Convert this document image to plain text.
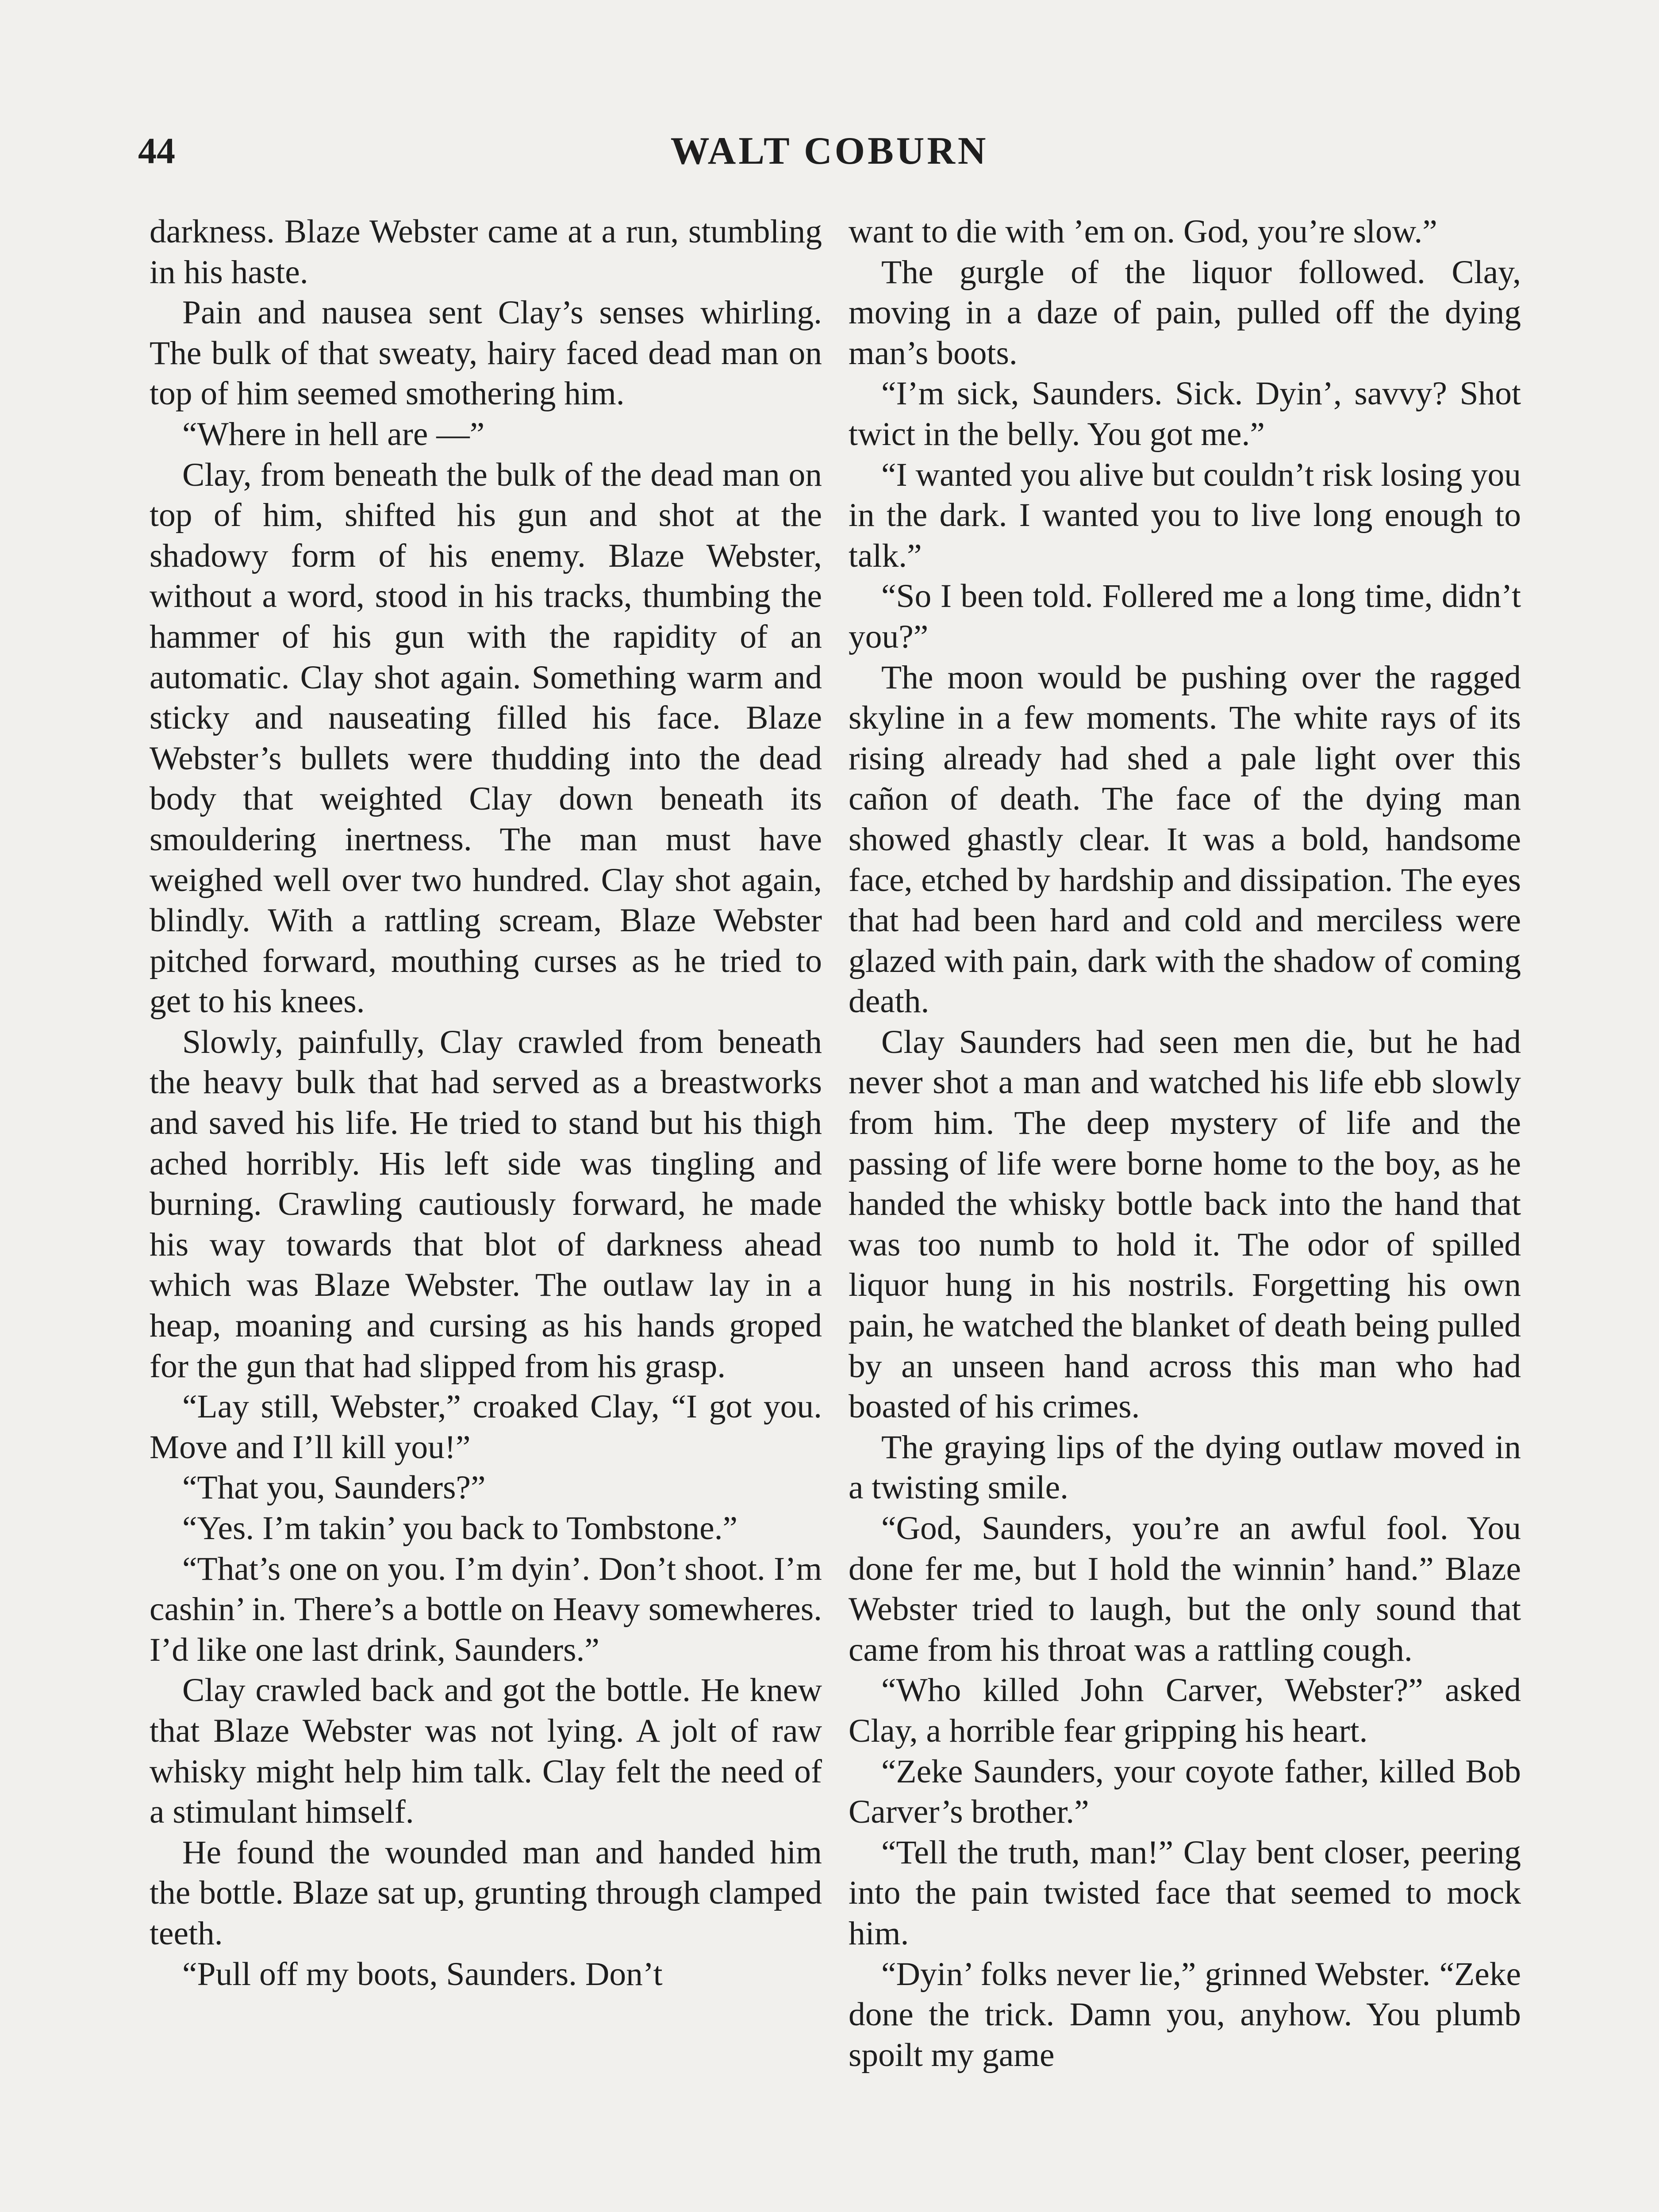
44	WALT COBURN

darkness. Blaze Webster came at a run, stumbling in his haste.

Pain and nausea sent Clay’s senses whirling. The bulk of that sweaty, hairy faced dead man on top of him seemed smothering him.

“Where in hell are —”

Clay, from beneath the bulk of the dead man on top of him, shifted his gun and shot at the shadowy form of his enemy. Blaze Webster, without a word, stood in his tracks, thumbing the hammer of his gun with the rapidity of an automatic. Clay shot again. Something warm and sticky and nauseating filled his face. Blaze Webster’s bullets were thudding into the dead body that weighted Clay down beneath its smouldering inertness. The man must have weighed well over two hundred. Clay shot again, blindly. With a rattling scream, Blaze Webster pitched forward, mouthing curses as he tried to get to his knees.

Slowly, painfully, Clay crawled from beneath the heavy bulk that had served as a breastworks and saved his life. He tried to stand but his thigh ached horribly. His left side was tingling and burning. Crawling cautiously forward, he made his way towards that blot of darkness ahead which was Blaze Webster. The outlaw lay in a heap, moaning and cursing as his hands groped for the gun that had slipped from his grasp.

“Lay still, Webster,” croaked Clay, “I got you. Move and I’ll kill you!”

“That you, Saunders?”

“Yes. I’m takin’ you back to Tombstone.”

“That’s one on you. I’m dyin’. Don’t shoot. I’m cashin’ in. There’s a bottle on Heavy somewheres. I’d like one last drink, Saunders.”

Clay crawled back and got the bottle. He knew that Blaze Webster was not lying. A jolt of raw whisky might help him talk. Clay felt the need of a stimulant himself.

He found the wounded man and handed him the bottle. Blaze sat up, grunting through clamped teeth.

“Pull off my boots, Saunders. Don’t

want to die with ’em on. God, you’re slow.”

The gurgle of the liquor followed. Clay, moving in a daze of pain, pulled off the dying man’s boots.

“I’m sick, Saunders. Sick. Dyin’, savvy? Shot twict in the belly. You got me.”

“I wanted you alive but couldn’t risk losing you in the dark. I wanted you to live long enough to talk.”

“So I been told. Follered me a long time, didn’t you?”

The moon would be pushing over the ragged skyline in a few moments. The white rays of its rising already had shed a pale light over this cañon of death. The face of the dying man showed ghastly clear. It was a bold, handsome face, etched by hardship and dissipation. The eyes that had been hard and cold and merciless were glazed with pain, dark with the shadow of coming death.

Clay Saunders had seen men die, but he had never shot a man and watched his life ebb slowly from him. The deep mystery of life and the passing of life were borne home to the boy, as he handed the whisky bottle back into the hand that was too numb to hold it. The odor of spilled liquor hung in his nostrils. Forgetting his own pain, he watched the blanket of death being pulled by an unseen hand across this man who had boasted of his crimes.

The graying lips of the dying outlaw moved in a twisting smile.

“God, Saunders, you’re an awful fool. You done fer me, but I hold the winnin’ hand.” Blaze Webster tried to laugh, but the only sound that came from his throat was a rattling cough.

“Who killed John Carver, Webster?” asked Clay, a horrible fear gripping his heart.

“Zeke Saunders, your coyote father, killed Bob Carver’s brother.”

“Tell the truth, man!” Clay bent closer, peering into the pain twisted face that seemed to mock him.

“Dyin’ folks never lie,” grinned Webster. “Zeke done the trick. Damn you, anyhow. You plumb spoilt my game
